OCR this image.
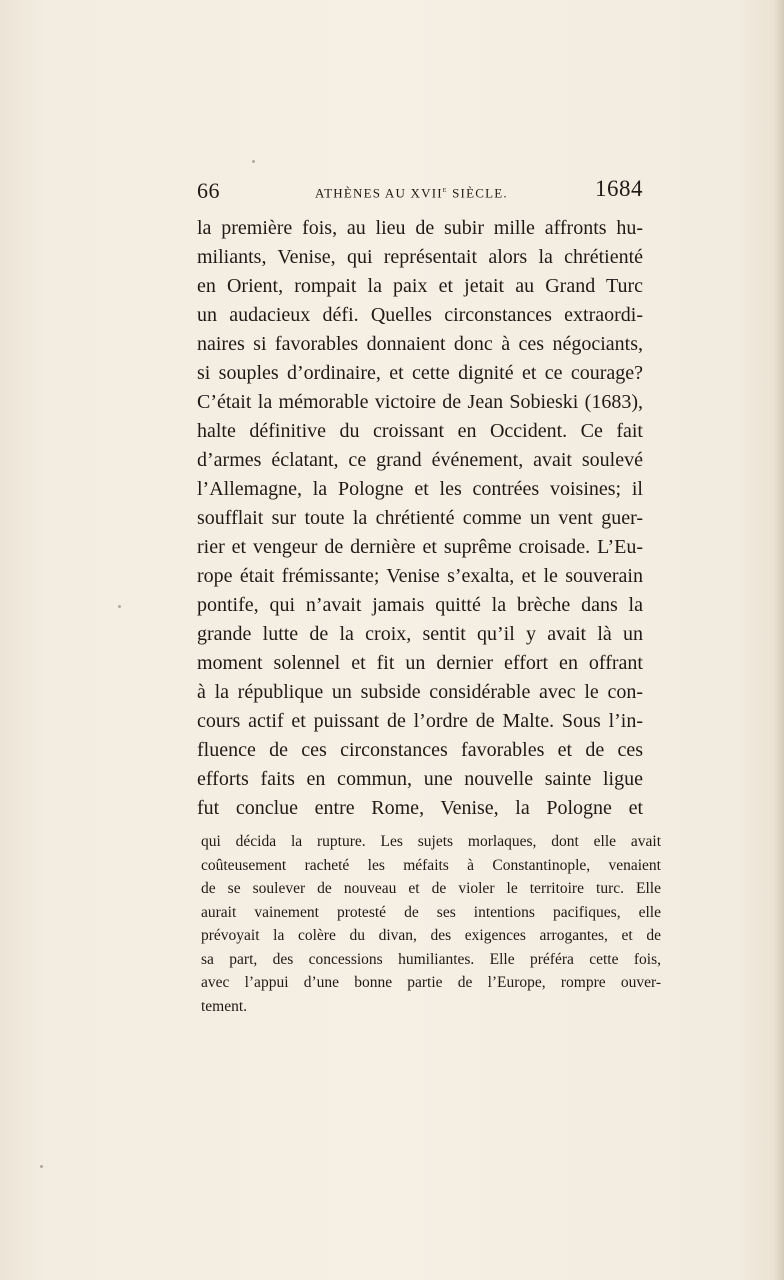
66	ATHÈNES AU XVIIe SIÈCLE.	1684
la première fois, au lieu de subir mille affronts hu-
miliants, Venise, qui représentait alors la chrétienté
en Orient, rompait la paix et jetait au Grand Turc
un audacieux défi. Quelles circonstances extraordi-
naires si favorables donnaient donc à ces négociants,
si souples d’ordinaire, et cette dignité et ce courage?
C’était la mémorable victoire de Jean Sobieski (1683),
halte définitive du croissant en Occident. Ce fait
d’armes éclatant, ce grand événement, avait soulevé
l’Allemagne, la Pologne et les contrées voisines; il
soufflait sur toute la chrétienté comme un vent guer-
rier et vengeur de dernière et suprême croisade. L’Eu-
rope était frémissante; Venise s’exalta, et le souverain
pontife, qui n’avait jamais quitté la brèche dans la
grande lutte de la croix, sentit qu’il y avait là un
moment solennel et fit un dernier effort en offrant
à la république un subside considérable avec le con-
cours actif et puissant de l’ordre de Malte. Sous l’in-
fluence de ces circonstances favorables et de ces
efforts faits en commun, une nouvelle sainte ligue
fut conclue entre Rome, Venise, la Pologne et
qui décida la rupture. Les sujets morlaques, dont elle avait
coûteusement racheté les méfaits à Constantinople, venaient
de se soulever de nouveau et de violer le territoire turc. Elle
aurait vainement protesté de ses intentions pacifiques, elle
prévoyait la colère du divan, des exigences arrogantes, et de
sa part, des concessions humiliantes. Elle préféra cette fois,
avec l’appui d’une bonne partie de l’Europe, rompre ouver-
tement.
